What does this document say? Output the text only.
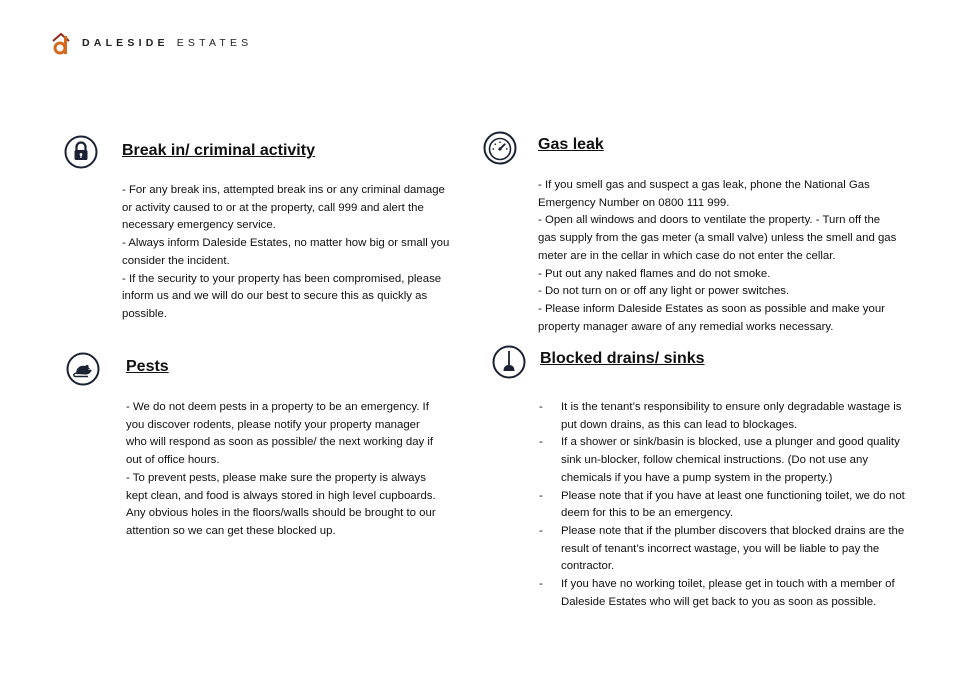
DALESIDE ESTATES
Break in/ criminal activity

- For any break ins, attempted break ins or any criminal damage

or activity caused to or at the property, call 999 and alert the

necessary emergency service.

- Always inform Daleside Estates, no matter how big or small you

consider the incident.

- If the security to your property has been compromised, please

inform us and we will do our best to secure this as quickly as

possible.

Gas leak

- If you smell gas and suspect a gas leak, phone the National Gas

Emergency Number on 0800 111 999.

- Open all windows and doors to ventilate the property. - Turn off the

gas supply from the gas meter (a small valve) unless the smell and gas

meter are in the cellar in which case do not enter the cellar.

- Put out any naked flames and do not smoke.

- Do not turn on or off any light or power switches.

- Please inform Daleside Estates as soon as possible and make your

property manager aware of any remedial works necessary.

Pests

- We do not deem pests in a property to be an emergency. If

you discover rodents, please notify your property manager

who will respond as soon as possible/ the next working day if

out of office hours.

- To prevent pests, please make sure the property is always

kept clean, and food is always stored in high level cupboards.

Any obvious holes in the floors/walls should be brought to our

attention so we can get these blocked up.

Blocked drains/ sinks
- It is the tenant’s responsibility to ensure only degradable wastage is
put down drains, as this can lead to blockages.
- If a shower or sink/basin is blocked, use a plunger and good quality
sink un-blocker, follow chemical instructions. (Do not use any
chemicals if you have a pump system in the property.)
- Please note that if you have at least one functioning toilet, we do not
deem for this to be an emergency.
- Please note that if the plumber discovers that blocked drains are the
result of tenant’s incorrect wastage, you will be liable to pay the
contractor.
- If you have no working toilet, please get in touch with a member of
Daleside Estates who will get back to you as soon as possible.
